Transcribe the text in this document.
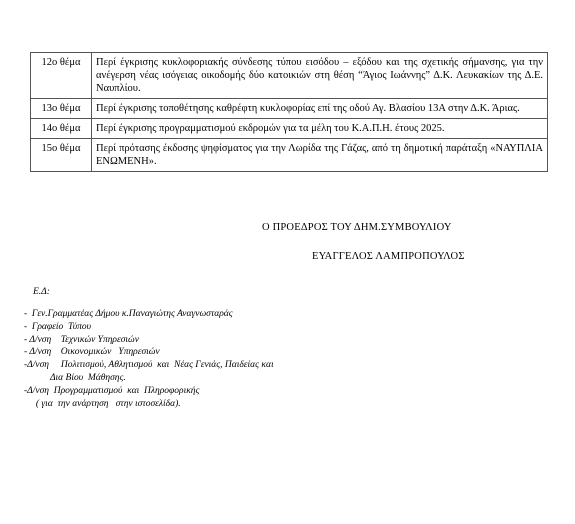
12ο θέμα	Περί έγκρισης κυκλοφοριακής σύνδεσης τύπου εισόδου – εξόδου και της σχετικής σήμανσης, για την ανέγερση νέας ισόγειας οικοδομής δύο κατοικιών στη θέση “Άγιος Ιωάννης” Δ.Κ. Λευκακίων της Δ.Ε. Ναυπλίου.
13ο θέμα	Περί έγκρισης τοποθέτησης καθρέφτη κυκλοφορίας επί της οδού Αγ. Βλασίου 13Α στην Δ.Κ. Άριας.
14ο θέμα	Περί έγκρισης προγραμματισμού εκδρομών για τα μέλη του Κ.Α.Π.Η. έτους 2025.
15ο θέμα	Περί πρότασης έκδοσης ψηφίσματος για την Λωρίδα της Γάζας, από τη δημοτική παράταξη «ΝΑΥΠΛΙΑ ΕΝΩΜΕΝΗ».
Ο ΠΡΟΕΔΡΟΣ ΤΟΥ ΔΗΜ.ΣΥΜΒΟΥΛΙΟΥ
ΕΥΑΓΓΕΛΟΣ ΛΑΜΠΡΟΠΟΥΛΟΣ
Ε.Δ:
-  Γεν.Γραμματέας Δήμου κ.Παναγιώτης Αναγνωσταράς
-  Γραφείο  Τύπου
- Δ/νση    Τεχνικών Υπηρεσιών
- Δ/νση    Οικονομικών   Υπηρεσιών
-Δ/νση     Πολιτισμού, Αθλητισμού  και  Νέας Γενιάς, Παιδείας και
Δια Βίου  Μάθησης.
-Δ/νση  Προγραμματισμού  και  Πληροφορικής
( για  την ανάρτηση   στην ιστοσελίδα).
